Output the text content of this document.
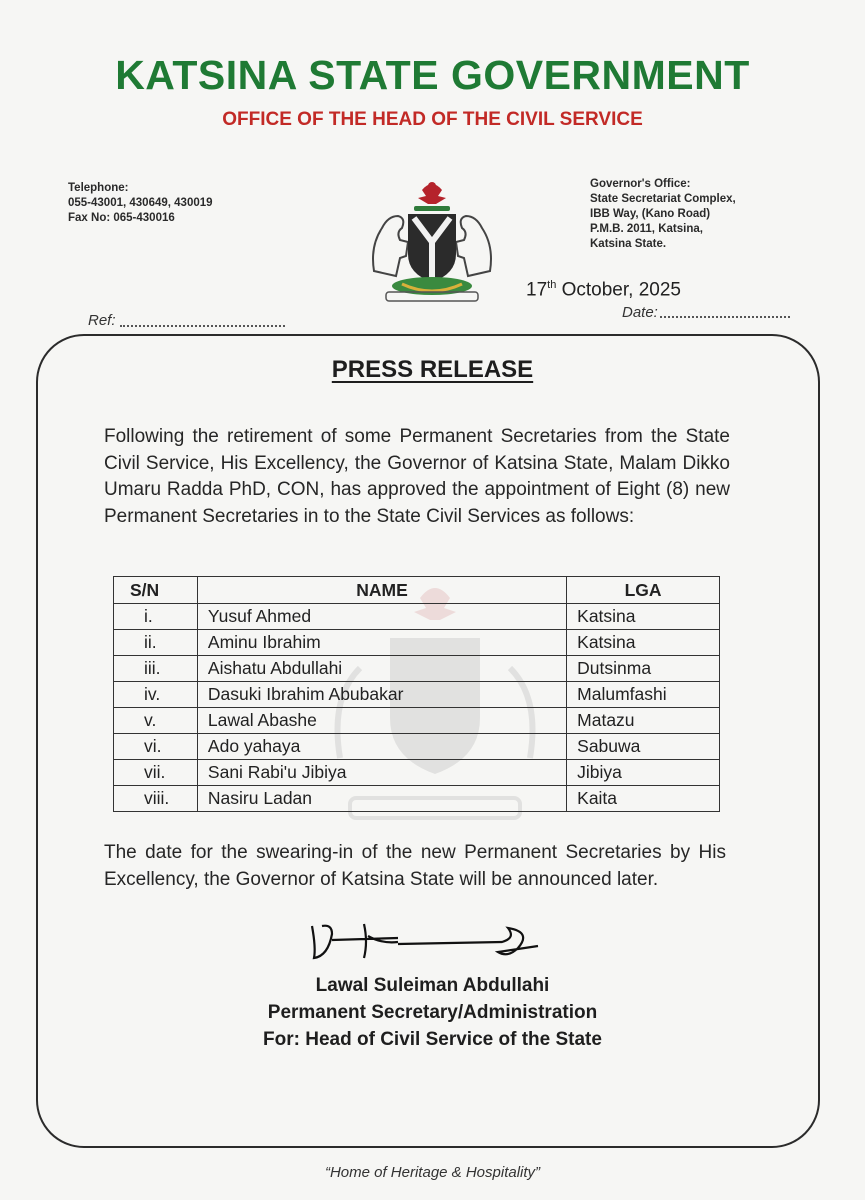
KATSINA STATE GOVERNMENT
OFFICE OF THE HEAD OF THE CIVIL SERVICE
Telephone:
055-43001, 430649, 430019
Fax No: 065-430016
Governor's Office:
State Secretariat Complex,
IBB Way, (Kano Road)
P.M.B. 2011, Katsina,
Katsina State.
17th October, 2025
Ref:	Date:
PRESS RELEASE
Following the retirement of some Permanent Secretaries from the State Civil Service, His Excellency, the Governor of Katsina State, Malam Dikko Umaru Radda PhD, CON, has approved the appointment of Eight (8) new Permanent Secretaries in to the State Civil Services as follows:
S/N	NAME	LGA
i.	Yusuf Ahmed	Katsina
ii.	Aminu Ibrahim	Katsina
iii.	Aishatu Abdullahi	Dutsinma
iv.	Dasuki Ibrahim Abubakar	Malumfashi
v.	Lawal Abashe	Matazu
vi.	Ado yahaya	Sabuwa
vii.	Sani Rabi'u Jibiya	Jibiya
viii.	Nasiru Ladan	Kaita
The date for the swearing-in of the new Permanent Secretaries by His Excellency, the Governor of Katsina State will be announced later.
Lawal Suleiman Abdullahi
Permanent Secretary/Administration
For: Head of Civil Service of the State
“Home of Heritage & Hospitality”
